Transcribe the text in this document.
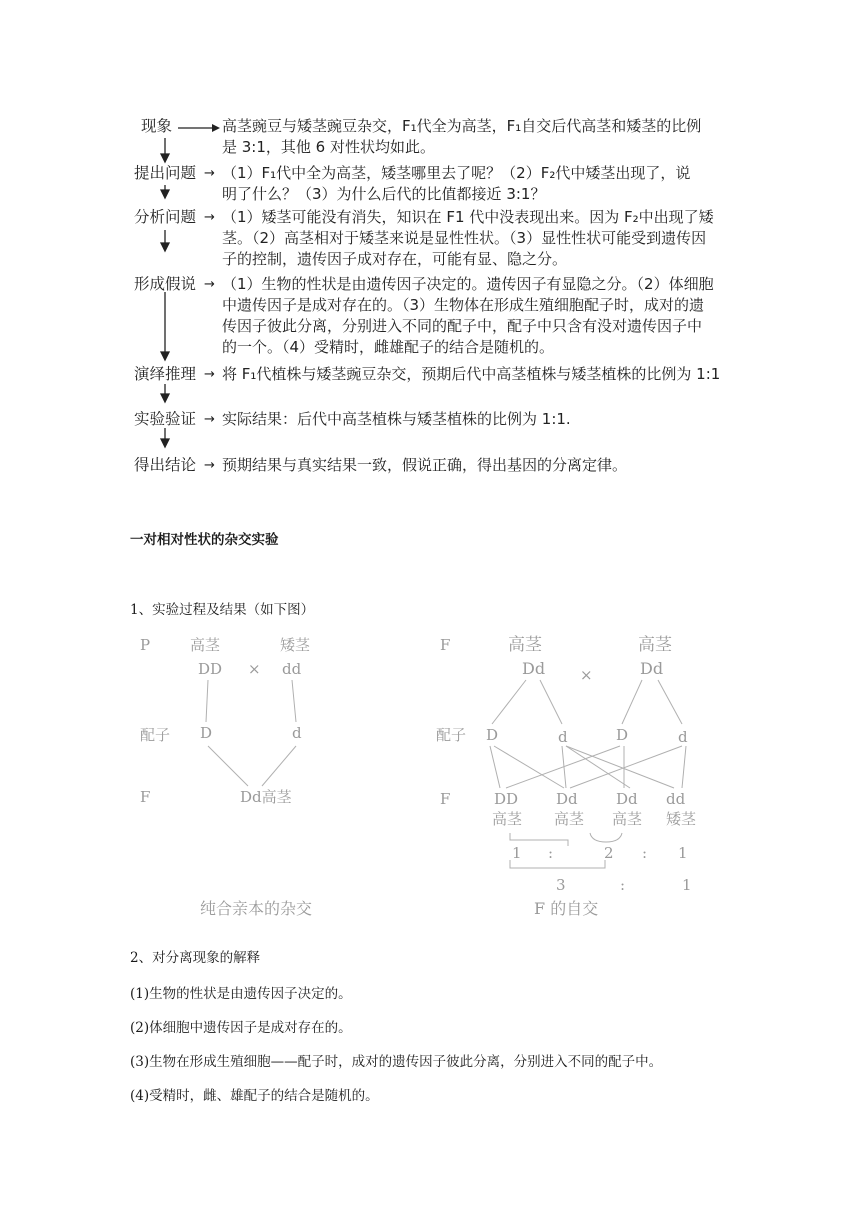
现象	高茎豌豆与矮茎豌豆杂交，F₁代全为高茎，F₁自交后代高茎和矮茎的比例
是 3:1，其他 6 对性状均如此。
提出问题 → （1）F₁代中全为高茎，矮茎哪里去了呢？（2）F₂代中矮茎出现了，说
明了什么？（3）为什么后代的比值都接近 3:1？
分析问题 → （1）矮茎可能没有消失，知识在 F1 代中没表现出来。因为 F₂中出现了矮
茎。（2）高茎相对于矮茎来说是显性性状。（3）显性性状可能受到遗传因
子的控制，遗传因子成对存在，可能有显、隐之分。
形成假说 → （1）生物的性状是由遗传因子决定的。遗传因子有显隐之分。（2）体细胞
中遗传因子是成对存在的。（3）生物体在形成生殖细胞配子时，成对的遗
传因子彼此分离，分别进入不同的配子中，配子中只含有没对遗传因子中
的一个。（4）受精时，雌雄配子的结合是随机的。
演绎推理 → 将 F₁代植株与矮茎豌豆杂交，预期后代中高茎植株与矮茎植株的比例为 1:1
实验验证 → 实际结果：后代中高茎植株与矮茎植株的比例为 1:1.
得出结论 → 预期结果与真实结果一致，假说正确，得出基因的分离定律。
一对相对性状的杂交实验
1、实验过程及结果（如下图）
P	高茎	矮茎
DD × dd
配子 D	d
F	Dd高茎
纯合亲本的杂交
F	高茎	高茎
Dd ×	Dd
配子 D	d	D	d
F	DD	Dd	Dd dd
高茎 高茎 高茎 矮茎
1 :	2 : 1
3	:	1
F 的自交
2、对分离现象的解释
(1)生物的性状是由遗传因子决定的。
(2)体细胞中遗传因子是成对存在的。
(3)生物在形成生殖细胞——配子时，成对的遗传因子彼此分离，分别进入不同的配子中。
(4)受精时，雌、雄配子的结合是随机的。
